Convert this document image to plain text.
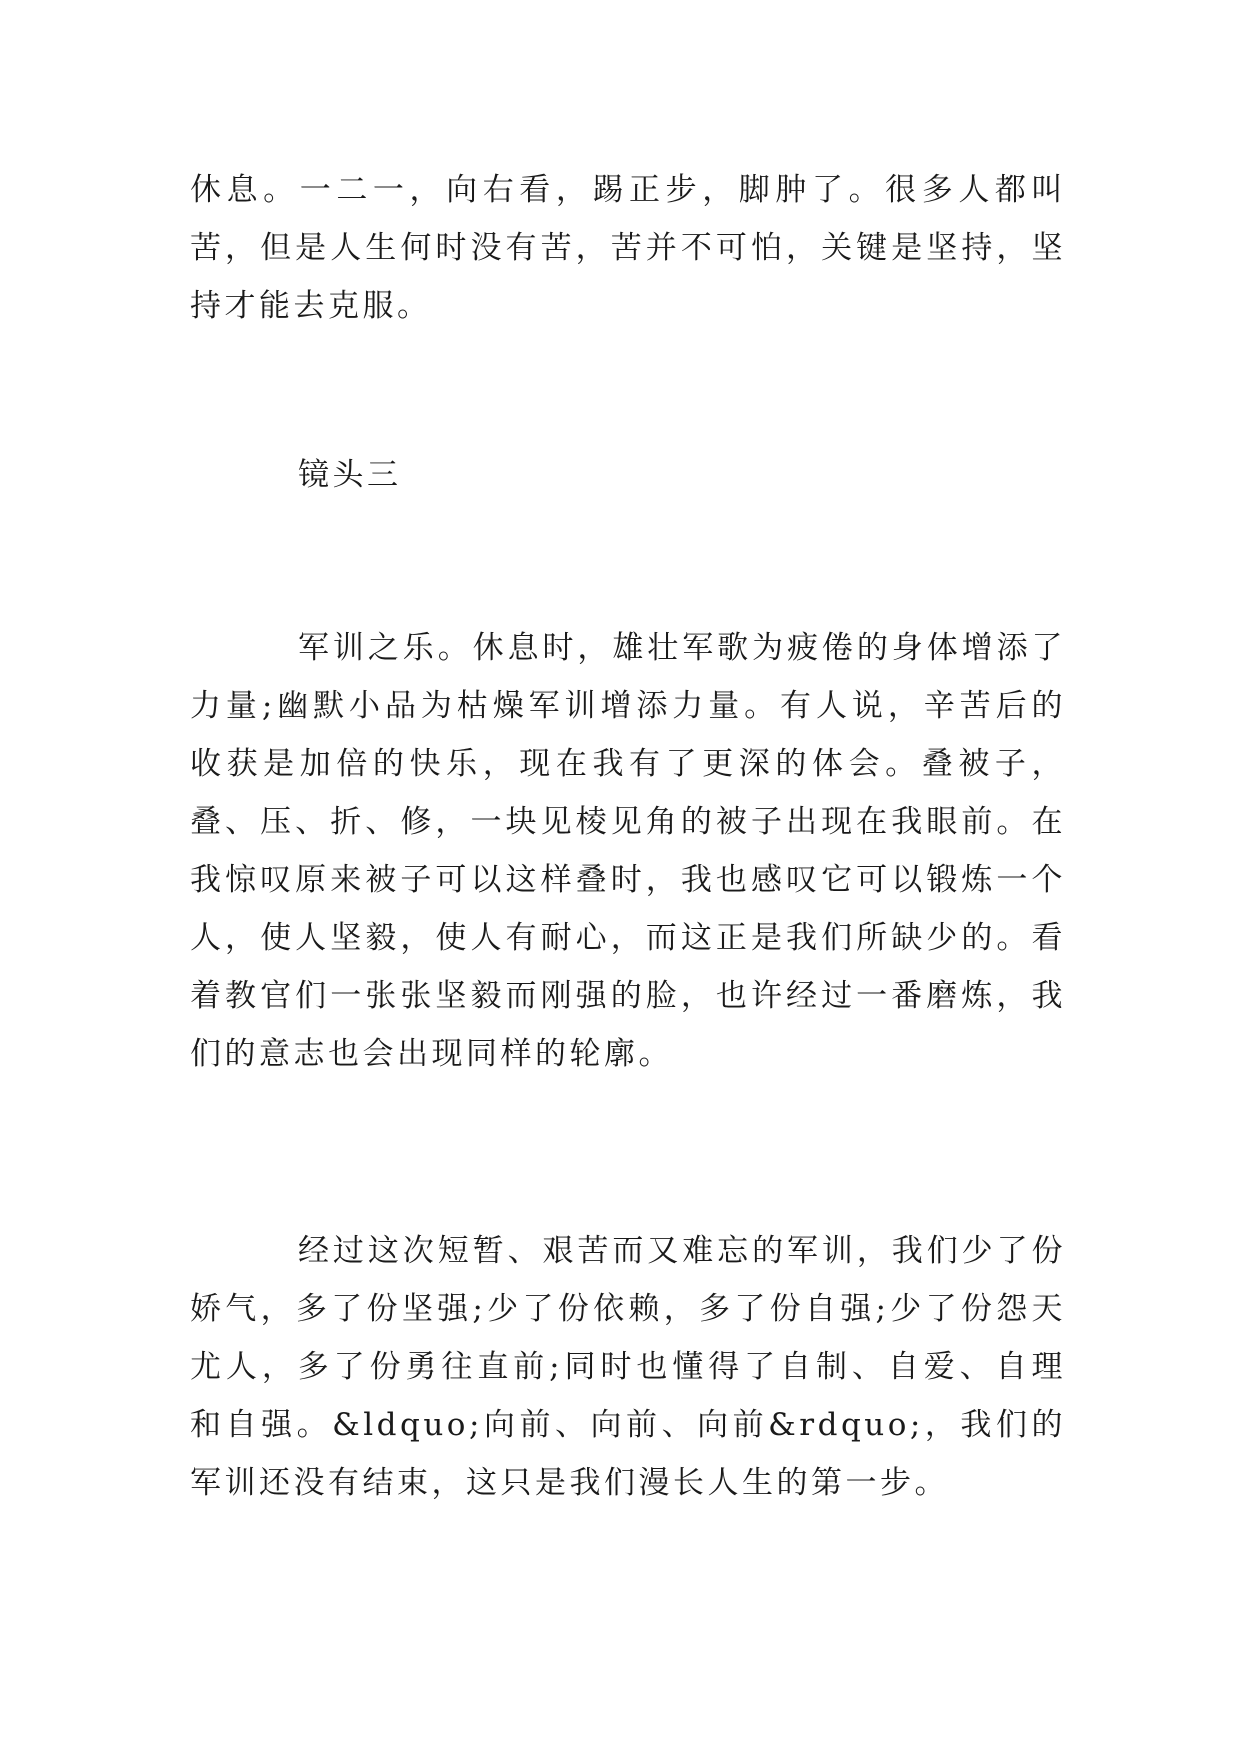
休息。一二一，向右看，踢正步，脚肿了。很多人都叫苦，但是人生何时没有苦，苦并不可怕，关键是坚持，坚持才能去克服。

镜头三

军训之乐。休息时，雄壮军歌为疲倦的身体增添了力量;幽默小品为枯燥军训增添力量。有人说，辛苦后的收获是加倍的快乐，现在我有了更深的体会。叠被子，叠、压、折、修，一块见棱见角的被子出现在我眼前。在我惊叹原来被子可以这样叠时，我也感叹它可以锻炼一个人，使人坚毅，使人有耐心，而这正是我们所缺少的。看着教官们一张张坚毅而刚强的脸，也许经过一番磨炼，我们的意志也会出现同样的轮廓。

经过这次短暂、艰苦而又难忘的军训，我们少了份娇气，多了份坚强;少了份依赖，多了份自强;少了份怨天尤人，多了份勇往直前;同时也懂得了自制、自爱、自理和自强。&ldquo;向前、向前、向前&rdquo;，我们的军训还没有结束，这只是我们漫长人生的第一步。
